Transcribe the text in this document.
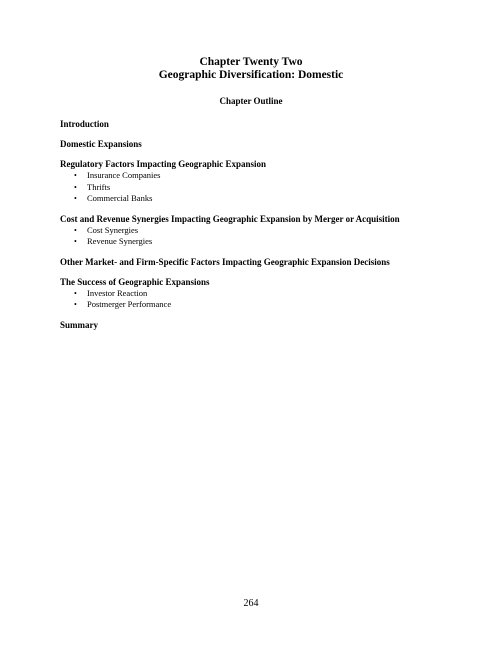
Chapter Twenty Two
Geographic Diversification: Domestic
Chapter Outline
Introduction
Domestic Expansions
Regulatory Factors Impacting Geographic Expansion
•	Insurance Companies
•	Thrifts
•	Commercial Banks
Cost and Revenue Synergies Impacting Geographic Expansion by Merger or Acquisition
•	Cost Synergies
•	Revenue Synergies
Other Market- and Firm-Specific Factors Impacting Geographic Expansion Decisions
The Success of Geographic Expansions
•	Investor Reaction
•	Postmerger Performance
Summary
264
